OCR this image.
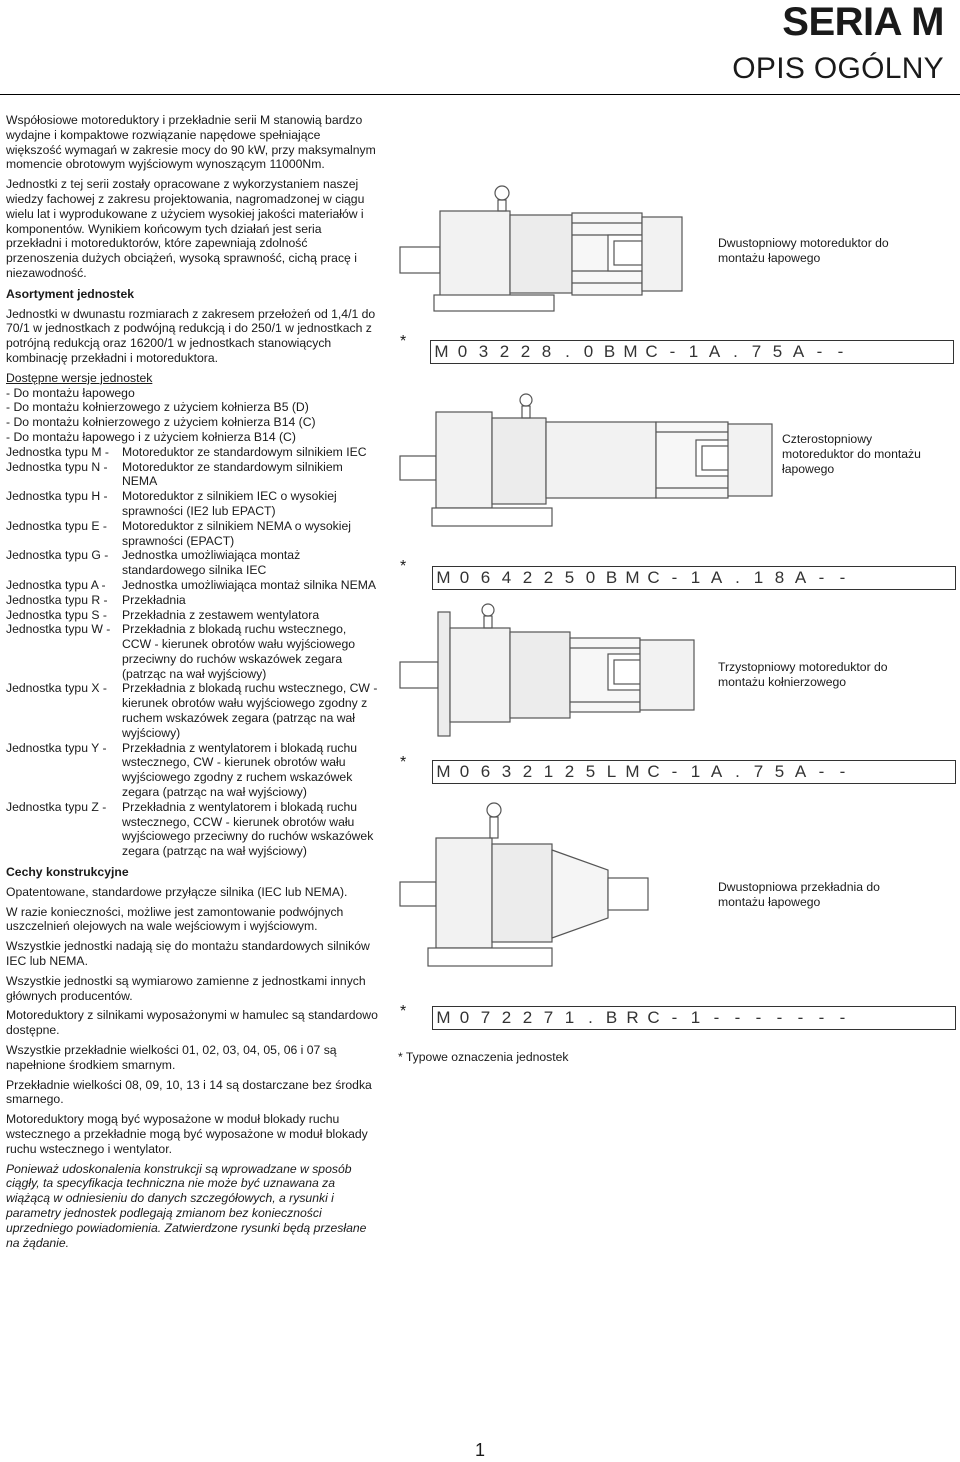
SERIA M
OPIS OGÓLNY

Współosiowe motoreduktory i przekładnie serii M stanowią bardzo wydajne i kompaktowe rozwiązanie napędowe spełniające większość wymagań w zakresie mocy do 90 kW, przy maksymalnym momencie obrotowym wyjściowym wynoszącym 11000Nm.

Jednostki z tej serii zostały opracowane z wykorzystaniem naszej wiedzy fachowej z zakresu projektowania, nagromadzonej w ciągu wielu lat i wyprodukowane z użyciem wysokiej jakości materiałów i komponentów. Wynikiem końcowym tych działań jest seria przekładni i motoreduktorów, które zapewniają zdolność przenoszenia dużych obciążeń, wysoką sprawność, cichą pracę i niezawodność.

Asortyment jednostek

Jednostki w dwunastu rozmiarach z zakresem przełożeń od 1,4/1 do 70/1 w jednostkach z podwójną redukcją i do 250/1 w jednostkach z potrójną redukcją oraz 16200/1 w jednostkach stanowiących kombinację przekładni i motoreduktora.

Dostępne wersje jednostek
- Do montażu łapowego
- Do montażu kołnierzowego z użyciem kołnierza B5 (D)
- Do montażu kołnierzowego z użyciem kołnierza B14 (C)
- Do montażu łapowego i z użyciem kołnierza B14 (C)
Jednostka typu M -	Motoreduktor ze standardowym silnikiem IEC
Jednostka typu N -	Motoreduktor ze standardowym silnikiem NEMA
Jednostka typu H -	Motoreduktor z silnikiem IEC o wysokiej sprawności (IE2 lub EPACT)
Jednostka typu E -	Motoreduktor z silnikiem NEMA o wysokiej sprawności (EPACT)
Jednostka typu G -	Jednostka umożliwiająca montaż standardowego silnika IEC
Jednostka typu A -	Jednostka umożliwiająca montaż silnika NEMA
Jednostka typu R -	Przekładnia
Jednostka typu S -	Przekładnia z zestawem wentylatora
Jednostka typu W - Przekładnia z blokadą ruchu wstecznego, CCW - kierunek obrotów wału wyjściowego przeciwny do ruchów wskazówek zegara (patrząc na wał wyjściowy)
Jednostka typu X -	Przekładnia z blokadą ruchu wstecznego, CW - kierunek obrotów wału wyjściowego zgodny z ruchem wskazówek zegara (patrząc na wał wyjściowy)
Jednostka typu Y -	Przekładnia z wentylatorem i blokadą ruchu wstecznego, CW - kierunek obrotów wału wyjściowego zgodny z ruchem wskazówek zegara (patrząc na wał wyjściowy)
Jednostka typu Z -	Przekładnia z wentylatorem i blokadą ruchu wstecznego, CCW - kierunek obrotów wału wyjściowego przeciwny do ruchów wskazówek zegara (patrząc na wał wyjściowy)
Cechy konstrukcyjne

Opatentowane, standardowe przyłącze silnika (IEC lub NEMA).

W razie konieczności, możliwe jest zamontowanie podwójnych uszczelnień olejowych na wale wejściowym i wyjściowym.

Wszystkie jednostki nadają się do montażu standardowych silników IEC lub NEMA.

Wszystkie jednostki są wymiarowo zamienne z jednostkami innych głównych producentów.

Motoreduktory z silnikami wyposażonymi w hamulec są standardowo dostępne.

Wszystkie przekładnie wielkości 01, 02, 03, 04, 05, 06 i 07 są napełnione środkiem smarnym.

Przekładnie wielkości 08, 09, 10, 13 i 14 są dostarczane bez środka smarnego.

Motoreduktory mogą być wyposażone w moduł blokady ruchu wstecznego a przekładnie mogą być wyposażone w moduł blokady ruchu wstecznego i wentylator.

Ponieważ udoskonalenia konstrukcji są wprowadzane w sposób ciągły, ta specyfikacja techniczna nie może być uznawana za wiążącą w odniesieniu do danych szczegółowych, a rysunki i parametry jednostek podlegają zmianom bez konieczności uprzedniego powiadomienia. Zatwierdzone rysunki będą przesłane na żądanie.

Dwustopniowy motoreduktor do montażu łapowego
*
M 0 3 2 2 8 . 0 B M C - 1 A . 7 5 A - -
Czterostopniowy motoreduktor do montażu łapowego
*
M 0 6 4 2 2 5 0 B M C - 1 A . 1 8 A - -
Trzystopniowy motoreduktor do montażu kołnierzowego
* M 0 6 3 2 1 2 5 L M C - 1 A . 7 5 A - -
Dwustopniowa przekładnia do montażu łapowego
* M 0 7 2 2 7 1 . B R C - 1 - - - - - - -
* Typowe oznaczenia jednostek
1
